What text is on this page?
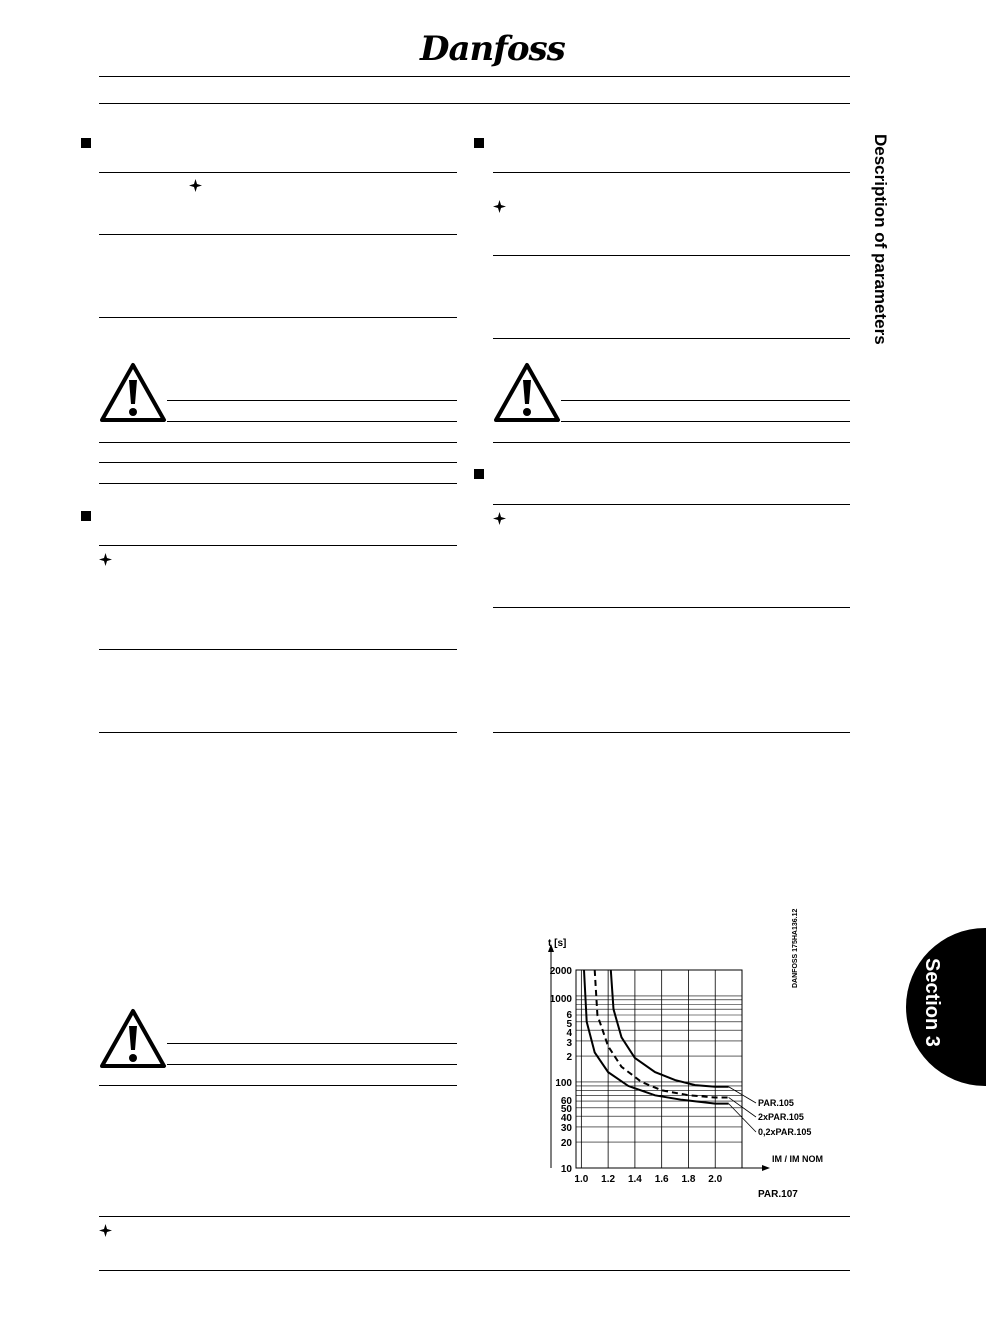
Danfoss
Description of parameters
Section 3
1.0 1.2 1.4 1.6 1.8 2.0
2000
1000
6
5
4
3
2
100
60
50
40
30
20
10
t [s]
IM / IM NOM
PAR.107
DANFOSS 175HA136.12
PAR.105
2xPAR.105
0,2xPAR.105
